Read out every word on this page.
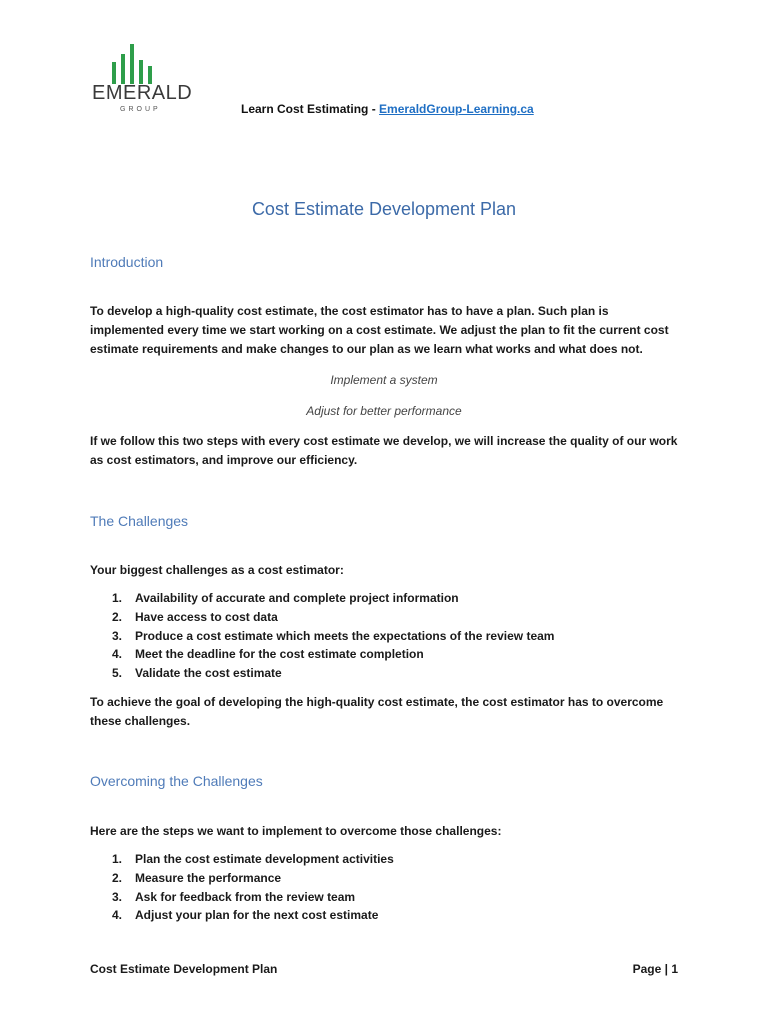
EMERALD
GROUP	Learn Cost Estimating - EmeraldGroup-Learning.ca
Cost Estimate Development Plan
Introduction
To develop a high-quality cost estimate, the cost estimator has to have a plan. Such plan is implemented every time we start working on a cost estimate. We adjust the plan to fit the current cost estimate requirements and make changes to our plan as we learn what works and what does not.
Implement a system
Adjust for better performance
If we follow this two steps with every cost estimate we develop, we will increase the quality of our work as cost estimators, and improve our efficiency.
The Challenges
Your biggest challenges as a cost estimator:
1. Availability of accurate and complete project information
2. Have access to cost data
3. Produce a cost estimate which meets the expectations of the review team
4. Meet the deadline for the cost estimate completion
5. Validate the cost estimate
To achieve the goal of developing the high-quality cost estimate, the cost estimator has to overcome these challenges.
Overcoming the Challenges
Here are the steps we want to implement to overcome those challenges:
1. Plan the cost estimate development activities
2. Measure the performance
3. Ask for feedback from the review team
4. Adjust your plan for the next cost estimate
Cost Estimate Development Plan	Page | 1
